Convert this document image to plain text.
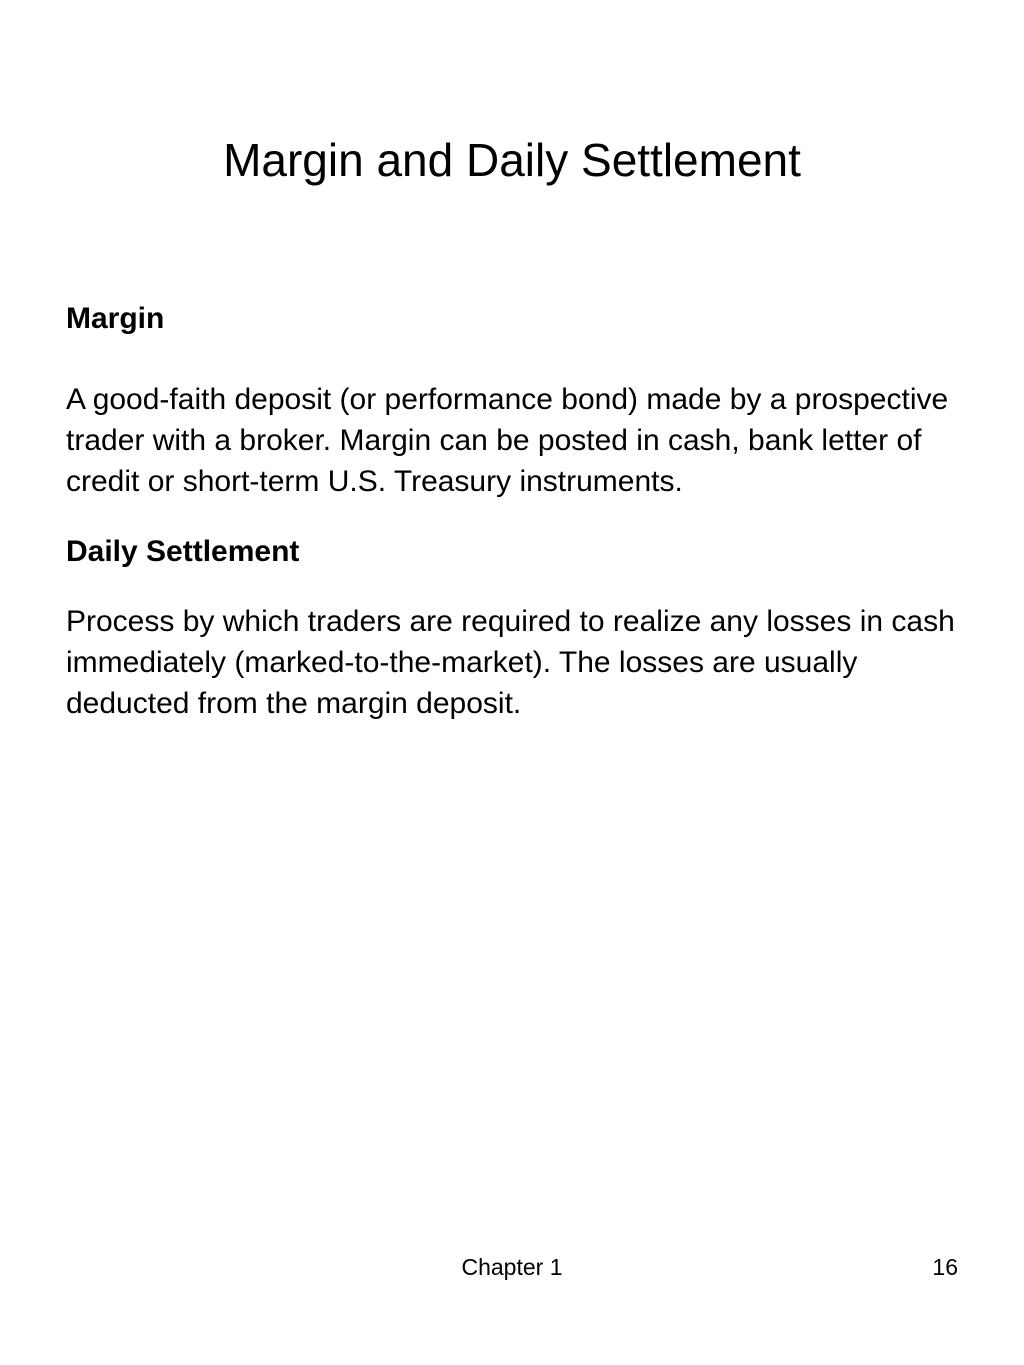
Margin and Daily Settlement

Margin

A good-faith deposit (or performance bond) made by a prospective trader with a broker. Margin can be posted in cash, bank letter of credit or short-term U.S. Treasury instruments.

Daily Settlement

Process by which traders are required to realize any losses in cash immediately (marked-to-the-market). The losses are usually deducted from the margin deposit.

Chapter 1	16
